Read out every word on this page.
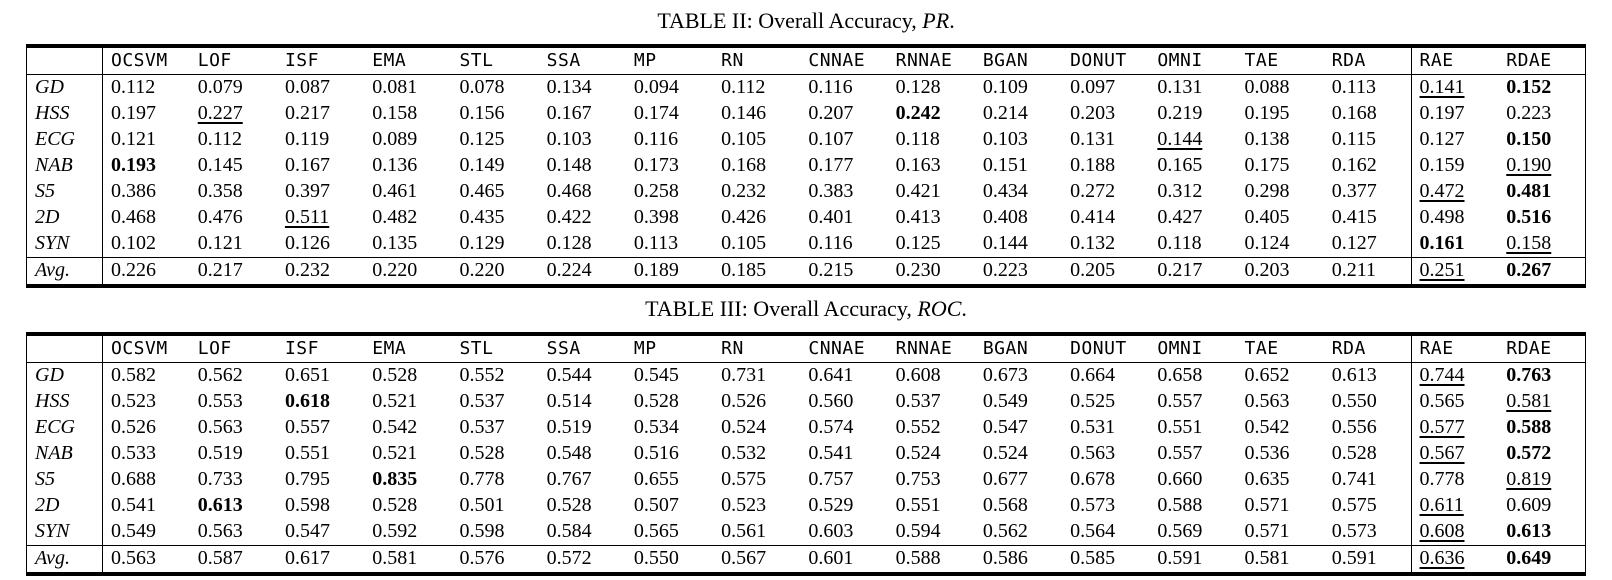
TABLE II: Overall Accuracy, PR.
	OCSVM	LOF	ISF	EMA	STL	SSA	MP	RN	CNNAE	RNNAE	BGAN	DONUT	OMNI	TAE	RDA	RAE	RDAE
GD	0.112	0.079	0.087	0.081	0.078	0.134	0.094	0.112	0.116	0.128	0.109	0.097	0.131	0.088	0.113	0.141	0.152
HSS	0.197	0.227	0.217	0.158	0.156	0.167	0.174	0.146	0.207	0.242	0.214	0.203	0.219	0.195	0.168	0.197	0.223
ECG	0.121	0.112	0.119	0.089	0.125	0.103	0.116	0.105	0.107	0.118	0.103	0.131	0.144	0.138	0.115	0.127	0.150
NAB	0.193	0.145	0.167	0.136	0.149	0.148	0.173	0.168	0.177	0.163	0.151	0.188	0.165	0.175	0.162	0.159	0.190
S5	0.386	0.358	0.397	0.461	0.465	0.468	0.258	0.232	0.383	0.421	0.434	0.272	0.312	0.298	0.377	0.472	0.481
2D	0.468	0.476	0.511	0.482	0.435	0.422	0.398	0.426	0.401	0.413	0.408	0.414	0.427	0.405	0.415	0.498	0.516
SYN	0.102	0.121	0.126	0.135	0.129	0.128	0.113	0.105	0.116	0.125	0.144	0.132	0.118	0.124	0.127	0.161	0.158
Avg.	0.226	0.217	0.232	0.220	0.220	0.224	0.189	0.185	0.215	0.230	0.223	0.205	0.217	0.203	0.211	0.251	0.267
TABLE III: Overall Accuracy, ROC.
	OCSVM	LOF	ISF	EMA	STL	SSA	MP	RN	CNNAE	RNNAE	BGAN	DONUT	OMNI	TAE	RDA	RAE	RDAE
GD	0.582	0.562	0.651	0.528	0.552	0.544	0.545	0.731	0.641	0.608	0.673	0.664	0.658	0.652	0.613	0.744	0.763
HSS	0.523	0.553	0.618	0.521	0.537	0.514	0.528	0.526	0.560	0.537	0.549	0.525	0.557	0.563	0.550	0.565	0.581
ECG	0.526	0.563	0.557	0.542	0.537	0.519	0.534	0.524	0.574	0.552	0.547	0.531	0.551	0.542	0.556	0.577	0.588
NAB	0.533	0.519	0.551	0.521	0.528	0.548	0.516	0.532	0.541	0.524	0.524	0.563	0.557	0.536	0.528	0.567	0.572
S5	0.688	0.733	0.795	0.835	0.778	0.767	0.655	0.575	0.757	0.753	0.677	0.678	0.660	0.635	0.741	0.778	0.819
2D	0.541	0.613	0.598	0.528	0.501	0.528	0.507	0.523	0.529	0.551	0.568	0.573	0.588	0.571	0.575	0.611	0.609
SYN	0.549	0.563	0.547	0.592	0.598	0.584	0.565	0.561	0.603	0.594	0.562	0.564	0.569	0.571	0.573	0.608	0.613
Avg.	0.563	0.587	0.617	0.581	0.576	0.572	0.550	0.567	0.601	0.588	0.586	0.585	0.591	0.581	0.591	0.636	0.649
